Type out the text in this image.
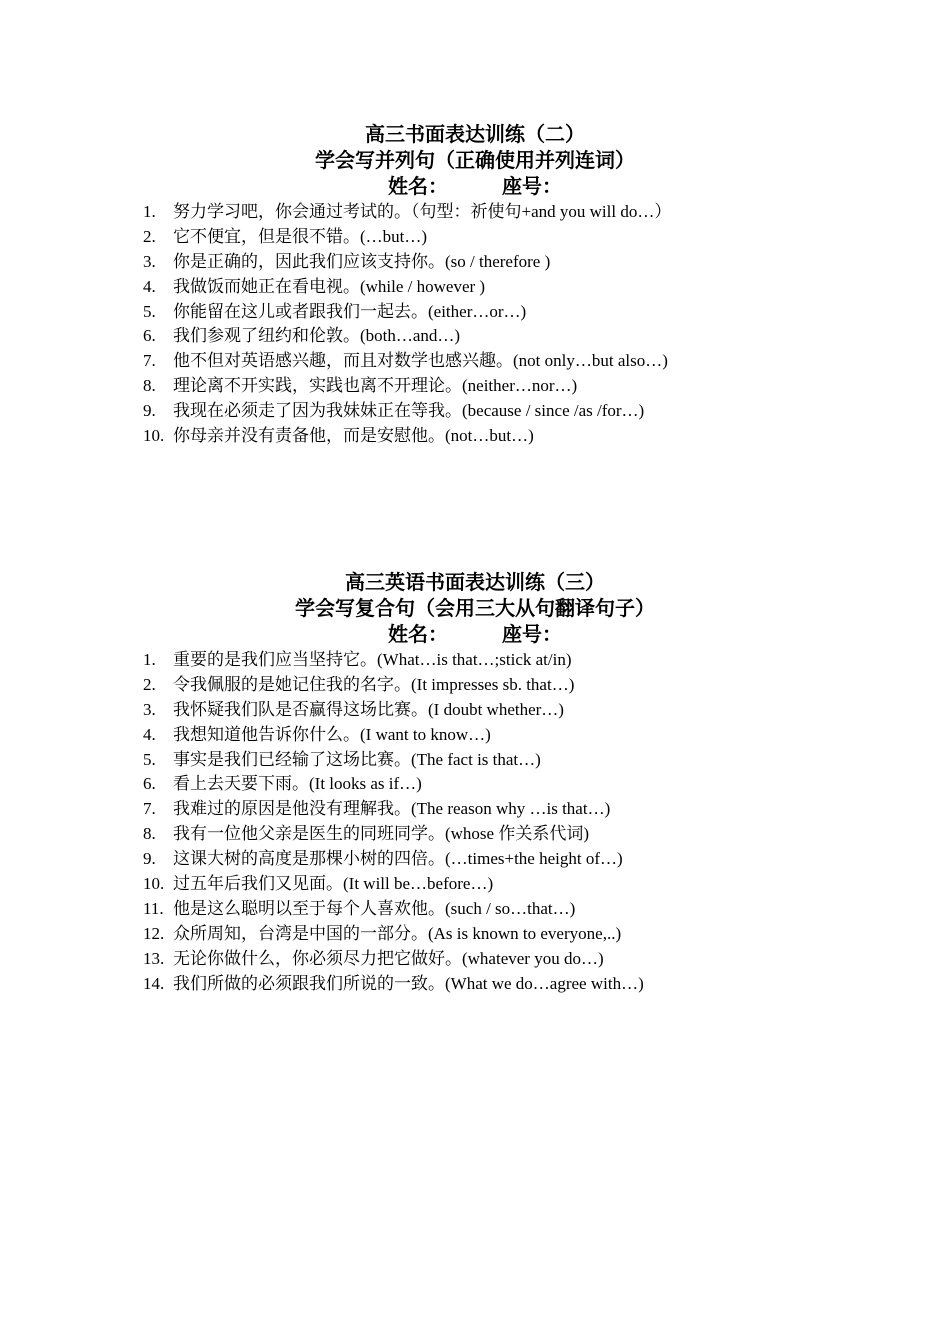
高三书面表达训练（二）
学会写并列句（正确使用并列连词）
姓名：	座号：
1. 努力学习吧，你会通过考试的。（句型：祈使句+and you will do…）
2. 它不便宜，但是很不错。(…but…)
3. 你是正确的，因此我们应该支持你。(so / therefore )
4. 我做饭而她正在看电视。(while / however )
5. 你能留在这儿或者跟我们一起去。(either…or…)
6. 我们参观了纽约和伦敦。(both…and…)
7. 他不但对英语感兴趣，而且对数学也感兴趣。(not only…but also…)
8. 理论离不开实践，实践也离不开理论。(neither…nor…)
9. 我现在必须走了因为我妹妹正在等我。(because / since /as /for…)
10. 你母亲并没有责备他，而是安慰他。(not…but…)
高三英语书面表达训练（三）
学会写复合句（会用三大从句翻译句子）
姓名：	座号：
1. 重要的是我们应当坚持它。(What…is that…;stick at/in)
2. 令我佩服的是她记住我的名字。(It impresses sb. that…)
3. 我怀疑我们队是否赢得这场比赛。(I doubt whether…)
4. 我想知道他告诉你什么。(I want to know…)
5. 事实是我们已经输了这场比赛。(The fact is that…)
6. 看上去天要下雨。(It looks as if…)
7. 我难过的原因是他没有理解我。(The reason why …is that…)
8. 我有一位他父亲是医生的同班同学。(whose 作关系代词)
9. 这课大树的高度是那棵小树的四倍。(…times+the height of…)
10. 过五年后我们又见面。(It will be…before…)
11. 他是这么聪明以至于每个人喜欢他。(such / so…that…)
12. 众所周知，台湾是中国的一部分。(As is known to everyone,..)
13. 无论你做什么，你必须尽力把它做好。(whatever you do…)
14. 我们所做的必须跟我们所说的一致。(What we do…agree with…)
